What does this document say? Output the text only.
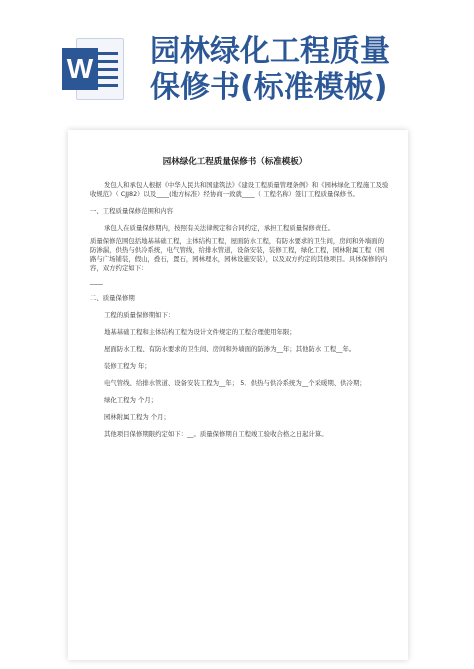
W 园林绿化工程质量
保修书(标准模板)
园林绿化工程质量保修书（标准模板）
发包人和承包人根据《中华人民共和国建筑法》《建设工程质量管理条例》和《园林绿化工程施工及验收规范》（ CJJ82）以及____(地方标准）经协商一致就____（ 工程名称）签订工程质量保修书。
一、工程质量保修范围和内容
承包人在质量保修期内，按照有关法律规定和合同约定，承担工程质量保修责任。
质量保修范围包括地基基础工程，主体结构工程，屋面防水工程，有防水要求的卫生间，房间和外墙面的防渗漏，供热与供冷系统，电气管线，给排水管道，设备安装，装修工程，绿化工程，园林附属工程（园路与广场铺装，假山，叠石，置石，园林理水，园林设施安装），以及双方约定的其他项目。具体保修的内容，双方约定如下：
____
二、质量保修期
工程的质量保修期如下：
地基基础工程和主体结构工程为设计文件规定的工程合理使用年限；
屋面防水工程、有防水要求的卫生间、房间和外墙面的防渗为__年；其他防水 工程__年。
装修工程为 年；
电气管线、给排水管道、设备安装工程为__年； 5．供热与供冷系统为__个采暖期、供冷期；
绿化工程为 个月；
园林附属工程为 个月；
其他项目保修期限约定如下：__。质量保修期自工程竣工验收合格之日起计算。
